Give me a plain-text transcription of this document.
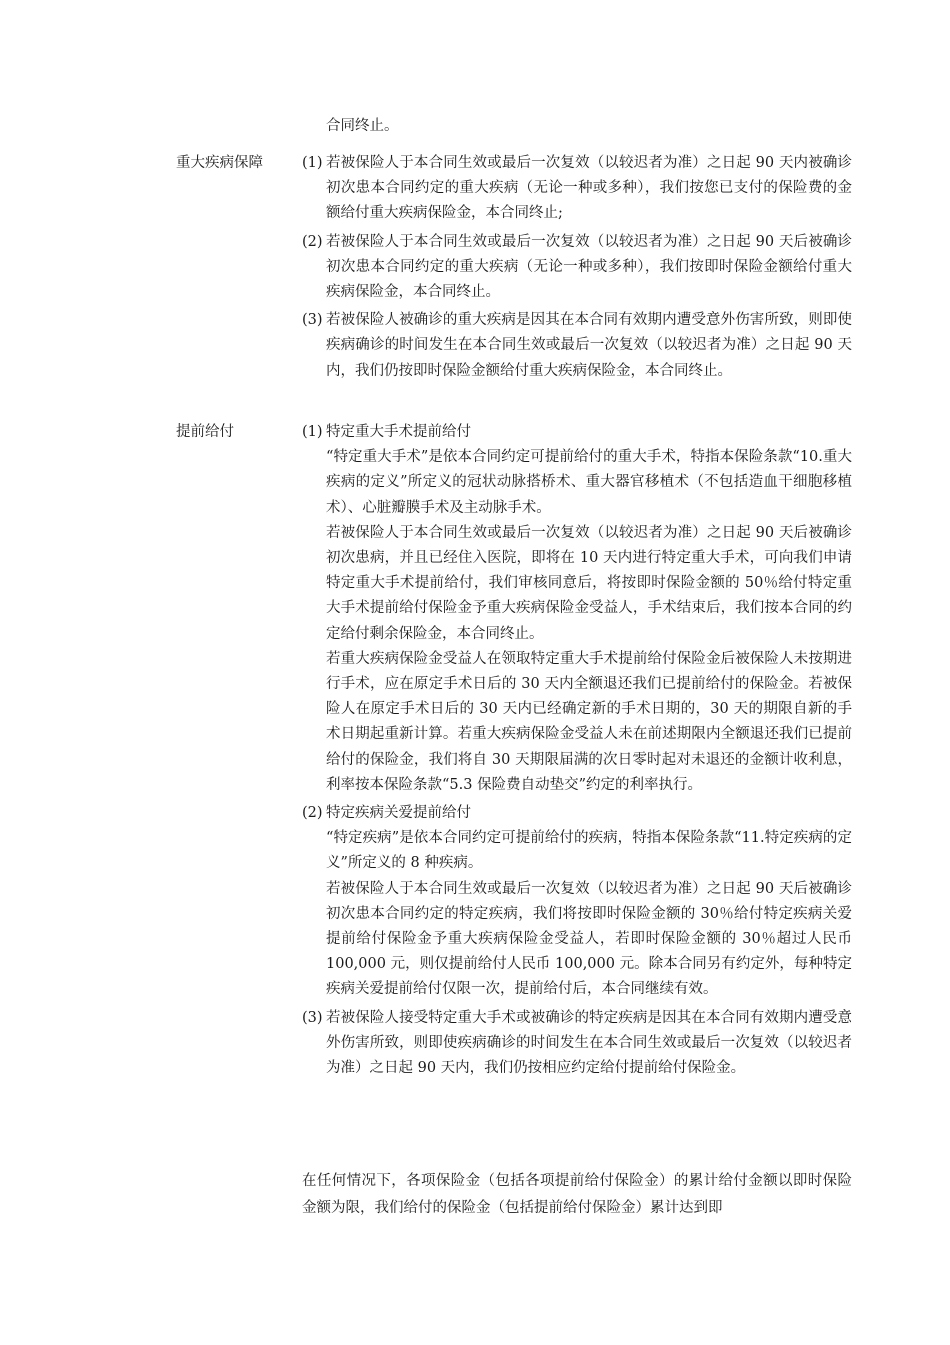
合同终止。
重大疾病保障	(1) 若被保险人于本合同生效或最后一次复效（以较迟者为准）之日起 90 天内被确诊初次患本合同约定的重大疾病（无论一种或多种），我们按您已支付的保险费的金额给付重大疾病保险金，本合同终止;
(2) 若被保险人于本合同生效或最后一次复效（以较迟者为准）之日起 90 天后被确诊初次患本合同约定的重大疾病（无论一种或多种），我们按即时保险金额给付重大疾病保险金，本合同终止。
(3) 若被保险人被确诊的重大疾病是因其在本合同有效期内遭受意外伤害所致，则即使疾病确诊的时间发生在本合同生效或最后一次复效（以较迟者为准）之日起 90 天内，我们仍按即时保险金额给付重大疾病保险金，本合同终止。
提前给付	(1) 特定重大手术提前给付
“特定重大手术”是依本合同约定可提前给付的重大手术，特指本保险条款“10.重大疾病的定义”所定义的冠状动脉搭桥术、重大器官移植术（不包括造血干细胞移植术）、心脏瓣膜手术及主动脉手术。
若被保险人于本合同生效或最后一次复效（以较迟者为准）之日起 90 天后被确诊初次患病，并且已经住入医院，即将在 10 天内进行特定重大手术，可向我们申请特定重大手术提前给付，我们审核同意后，将按即时保险金额的 50％给付特定重大手术提前给付保险金予重大疾病保险金受益人，手术结束后，我们按本合同的约定给付剩余保险金，本合同终止。
若重大疾病保险金受益人在领取特定重大手术提前给付保险金后被保险人未按期进行手术，应在原定手术日后的 30 天内全额退还我们已提前给付的保险金。若被保险人在原定手术日后的 30 天内已经确定新的手术日期的，30 天的期限自新的手术日期起重新计算。若重大疾病保险金受益人未在前述期限内全额退还我们已提前给付的保险金，我们将自 30 天期限届满的次日零时起对未退还的金额计收利息，利率按本保险条款“5.3 保险费自动垫交”约定的利率执行。
(2) 特定疾病关爱提前给付
“特定疾病”是依本合同约定可提前给付的疾病，特指本保险条款“11.特定疾病的定义”所定义的 8 种疾病。
若被保险人于本合同生效或最后一次复效（以较迟者为准）之日起 90 天后被确诊初次患本合同约定的特定疾病，我们将按即时保险金额的 30％给付特定疾病关爱提前给付保险金予重大疾病保险金受益人，若即时保险金额的 30％超过人民币 100,000 元，则仅提前给付人民币 100,000 元。除本合同另有约定外，每种特定疾病关爱提前给付仅限一次，提前给付后，本合同继续有效。
(3) 若被保险人接受特定重大手术或被确诊的特定疾病是因其在本合同有效期内遭受意外伤害所致，则即使疾病确诊的时间发生在本合同生效或最后一次复效（以较迟者为准）之日起 90 天内，我们仍按相应约定给付提前给付保险金。
在任何情况下，各项保险金（包括各项提前给付保险金）的累计给付金额以即时保险金额为限，我们给付的保险金（包括提前给付保险金）累计达到即
